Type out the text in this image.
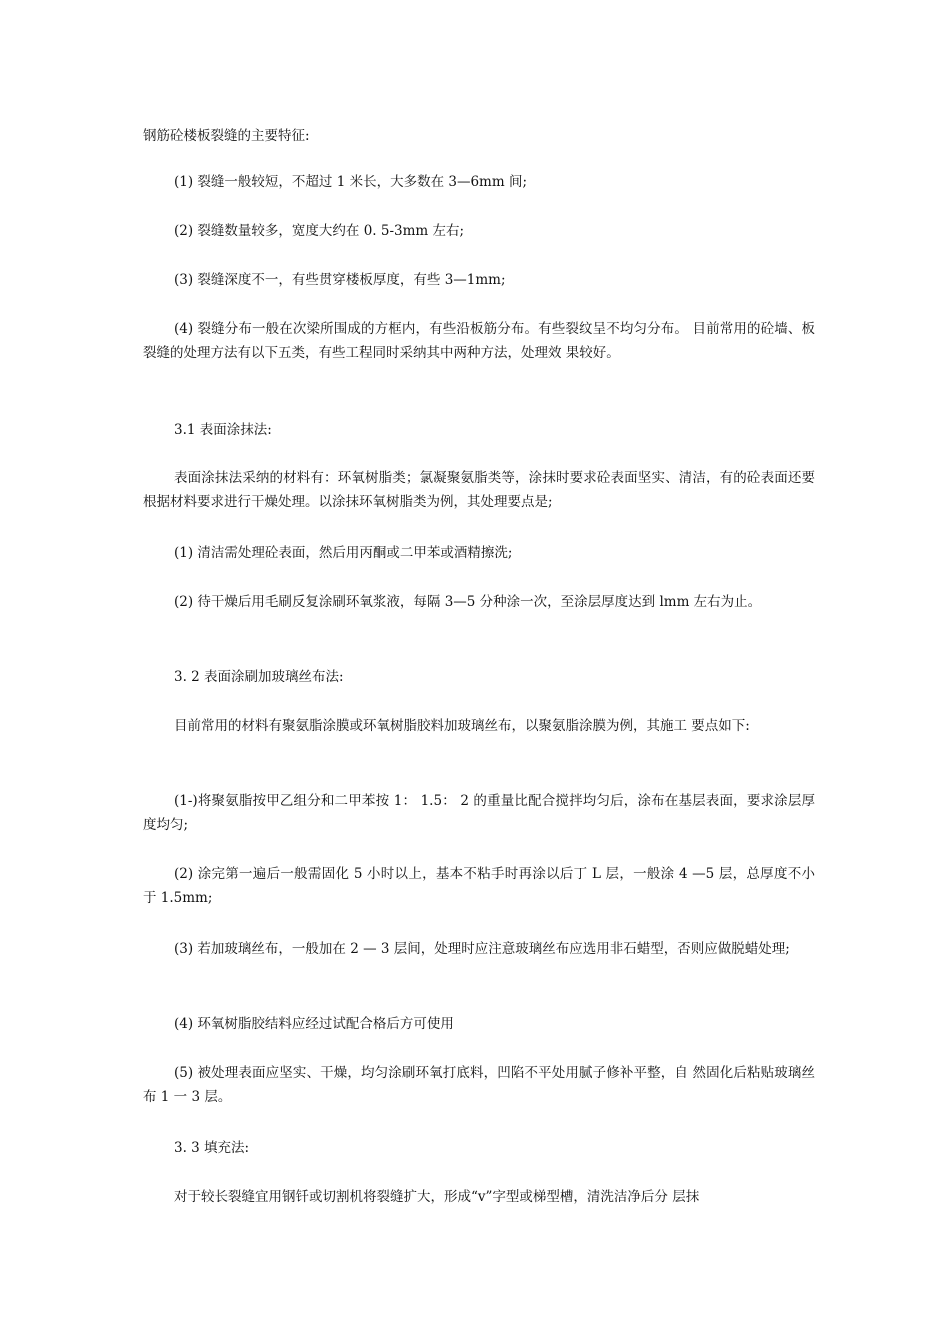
钢筋砼楼板裂缝的主要特征:
(1) 裂缝一般较短，不超过 1 米长，大多数在 3—6mm 间;
(2) 裂缝数量较多，宽度大约在 0. 5-3mm 左右;
(3) 裂缝深度不一，有些贯穿楼板厚度，有些 3—1mm;
(4) 裂缝分布一般在次梁所围成的方框内，有些沿板筋分布。有些裂纹呈不均匀分布。 目前常用的砼墙、板裂缝的处理方法有以下五类，有些工程同时采纳其中两种方法，处理效 果较好。
3.1 表面涂抹法:
表面涂抹法采纳的材料有：环氧树脂类；氯凝聚氨脂类等，涂抹时要求砼表面坚实、清洁，有的砼表面还要根据材料要求进行干燥处理。以涂抹环氧树脂类为例，其处理要点是;
(1) 清洁需处理砼表面，然后用丙酮或二甲苯或酒精擦洗;
(2) 待干燥后用毛刷反复涂刷环氧浆液，每隔 3—5 分种涂一次，至涂层厚度达到 lmm 左右为止。
3. 2 表面涂刷加玻璃丝布法:
目前常用的材料有聚氨脂涂膜或环氧树脂胶料加玻璃丝布，以聚氨脂涂膜为例，其施工 要点如下:
(1-)将聚氨脂按甲乙组分和二甲苯按 1： 1.5： 2 的重量比配合搅拌均匀后，涂布在基层表面，要求涂层厚度均匀;
(2) 涂完第一遍后一般需固化 5 小时以上，基本不粘手时再涂以后丁 L 层，一般涂 4 —5 层，总厚度不小于 1.5mm;
(3) 若加玻璃丝布，一般加在 2 — 3 层间，处理时应注意玻璃丝布应选用非石蜡型，否则应做脱蜡处理;
(4) 环氧树脂胶结料应经过试配合格后方可使用
(5) 被处理表面应坚实、干燥，均匀涂刷环氧打底料，凹陷不平处用腻子修补平整，自 然固化后粘贴玻璃丝布 1 一 3 层。
3. 3 填充法:
对于较长裂缝宜用钢钎或切割机将裂缝扩大，形成“v”字型或梯型槽，清洗洁净后分 层抹
